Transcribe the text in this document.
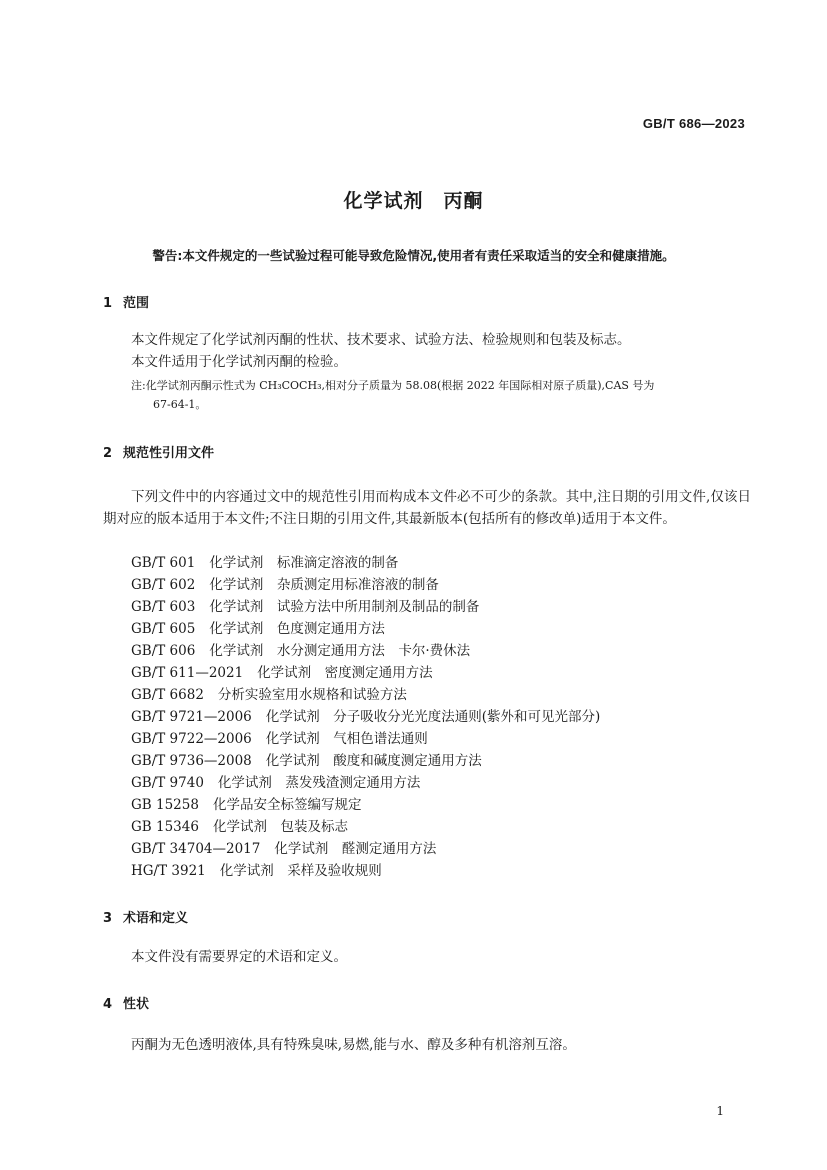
GB/T 686—2023
化学试剂 丙酮
警告:本文件规定的一些试验过程可能导致危险情况,使用者有责任采取适当的安全和健康措施。
1 范围
本文件规定了化学试剂丙酮的性状、技术要求、试验方法、检验规则和包装及标志。
本文件适用于化学试剂丙酮的检验。
注:化学试剂丙酮示性式为 CH₃COCH₃,相对分子质量为 58.08(根据 2022 年国际相对原子质量),CAS 号为
67-64-1。
2 规范性引用文件
下列文件中的内容通过文中的规范性引用而构成本文件必不可少的条款。其中,注日期的引用文件,仅该日期对应的版本适用于本文件;不注日期的引用文件,其最新版本(包括所有的修改单)适用于本文件。
GB/T 601 化学试剂　标准滴定溶液的制备
GB/T 602 化学试剂　杂质测定用标准溶液的制备
GB/T 603 化学试剂　试验方法中所用制剂及制品的制备
GB/T 605 化学试剂　色度测定通用方法
GB/T 606 化学试剂　水分测定通用方法　卡尔·费休法
GB/T 611—2021 化学试剂　密度测定通用方法
GB/T 6682 分析实验室用水规格和试验方法
GB/T 9721—2006 化学试剂　分子吸收分光光度法通则(紫外和可见光部分)
GB/T 9722—2006 化学试剂　气相色谱法通则
GB/T 9736—2008 化学试剂　酸度和碱度测定通用方法
GB/T 9740 化学试剂　蒸发残渣测定通用方法
GB 15258 化学品安全标签编写规定
GB 15346 化学试剂　包装及标志
GB/T 34704—2017 化学试剂　醛测定通用方法
HG/T 3921 化学试剂　采样及验收规则
3 术语和定义
本文件没有需要界定的术语和定义。
4 性状
丙酮为无色透明液体,具有特殊臭味,易燃,能与水、醇及多种有机溶剂互溶。
1
